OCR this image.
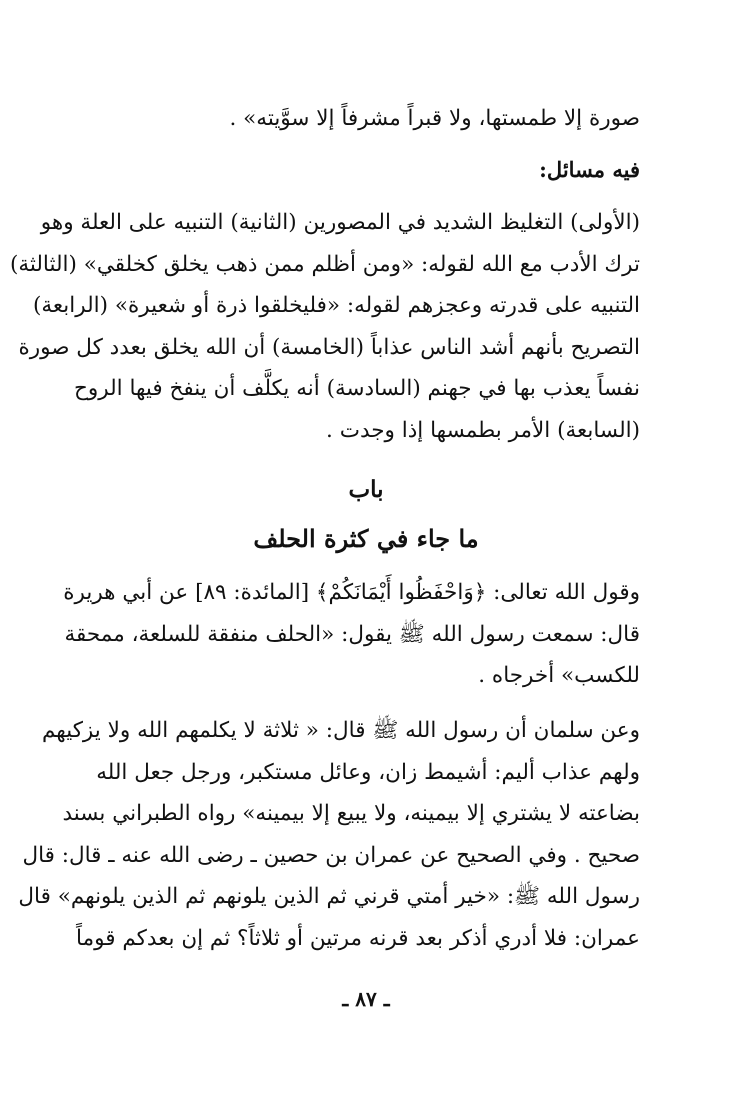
صورة إلا طمستها، ولا قبراً مشرفاً إلا سوَّيته» .
فيه مسائل:
(الأولى) التغليظ الشديد في المصورين (الثانية) التنبيه على العلة وهو
ترك الأدب مع الله لقوله: «ومن أظلم ممن ذهب يخلق كخلقي» (الثالثة)
التنبيه على قدرته وعجزهم لقوله: «فليخلقوا ذرة أو شعيرة» (الرابعة)
التصريح بأنهم أشد الناس عذاباً (الخامسة) أن الله يخلق بعدد كل صورة
نفساً يعذب بها في جهنم (السادسة) أنه يكلَّف أن ينفخ فيها الروح
(السابعة) الأمر بطمسها إذا وجدت .
باب
ما جاء في كثرة الحلف
وقول الله تعالى: ﴿وَاحْفَظُوا أَيْمَانَكُمْ﴾ [المائدة: ٨٩] عن أبي هريرة
قال: سمعت رسول الله ﷺ يقول: «الحلف منفقة للسلعة، ممحقة
للكسب» أخرجاه .
وعن سلمان أن رسول الله ﷺ قال: « ثلاثة لا يكلمهم الله ولا يزكيهم
ولهم عذاب أليم: أشيمط زان، وعائل مستكبر، ورجل جعل الله
بضاعته لا يشتري إلا بيمينه، ولا يبيع إلا بيمينه» رواه الطبراني بسند
صحيح . وفي الصحيح عن عمران بن حصين ـ رضى الله عنه ـ قال: قال
رسول الله ﷺ: «خير أمتي قرني ثم الذين يلونهم ثم الذين يلونهم» قال
عمران: فلا أدري أذكر بعد قرنه مرتين أو ثلاثاً؟ ثم إن بعدكم قوماً
ـ ٨٧ ـ
